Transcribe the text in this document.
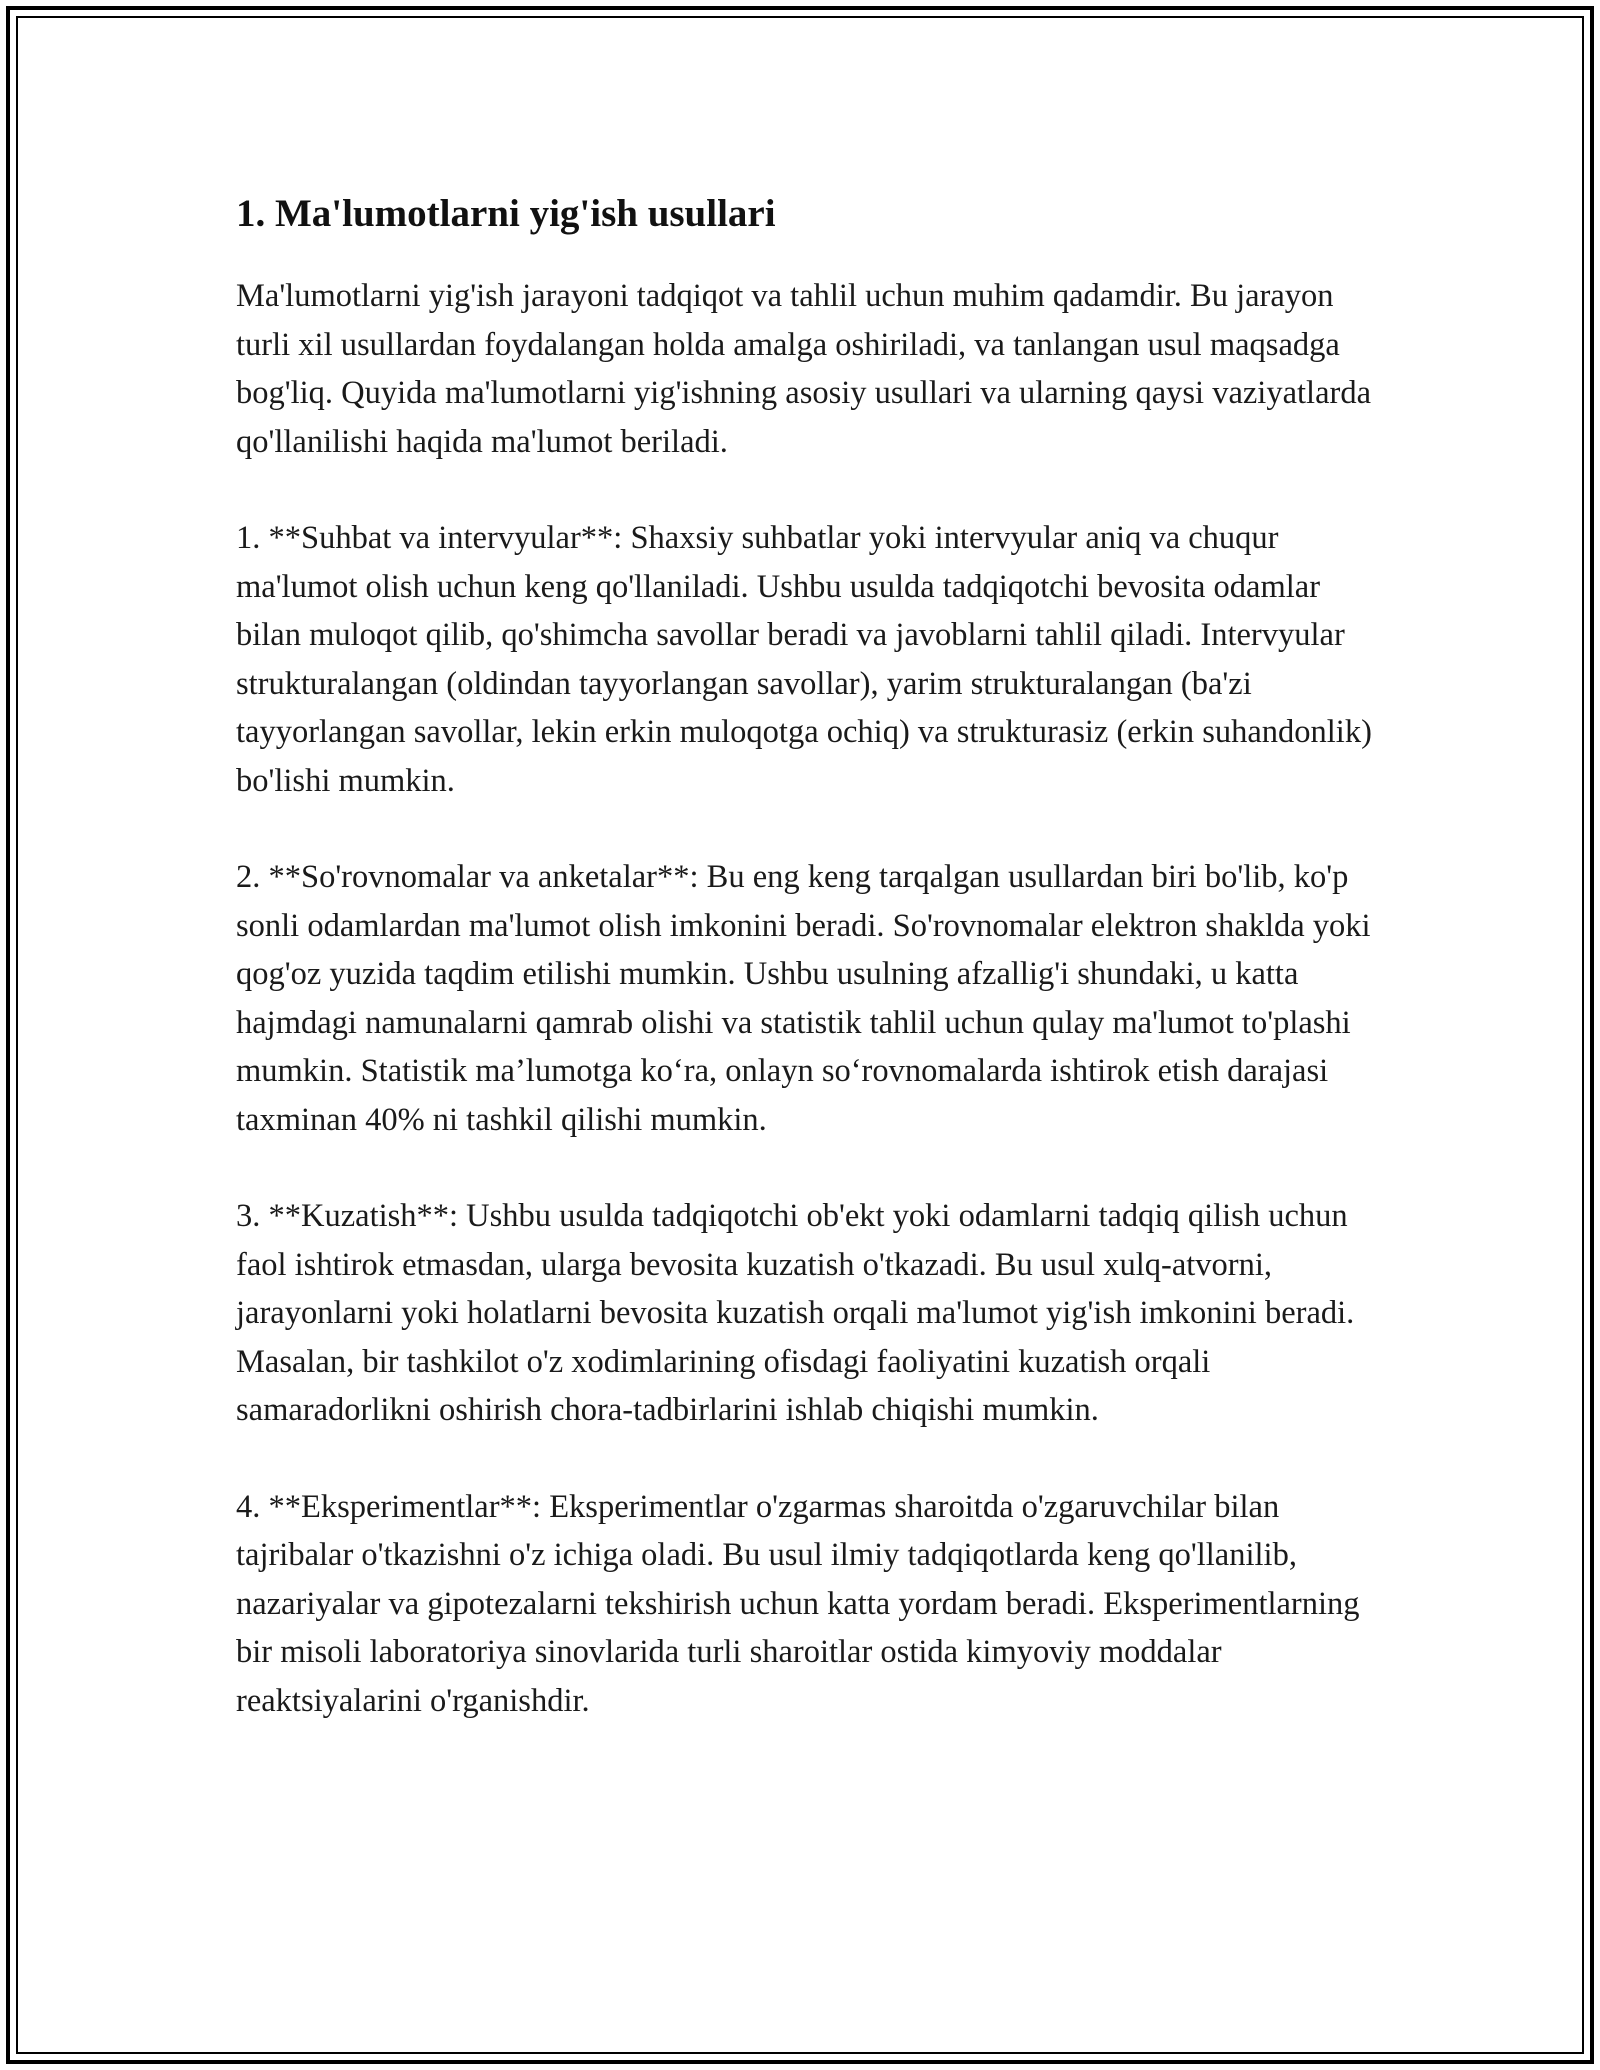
1. Ma'lumotlarni yig'ish usullari

Ma'lumotlarni yig'ish jarayoni tadqiqot va tahlil uchun muhim qadamdir. Bu jarayon turli xil usullardan foydalangan holda amalga oshiriladi, va tanlangan usul maqsadga bog'liq. Quyida ma'lumotlarni yig'ishning asosiy usullari va ularning qaysi vaziyatlarda qo'llanilishi haqida ma'lumot beriladi.

1. **Suhbat va intervyular**: Shaxsiy suhbatlar yoki intervyular aniq va chuqur ma'lumot olish uchun keng qo'llaniladi. Ushbu usulda tadqiqotchi bevosita odamlar bilan muloqot qilib, qo'shimcha savollar beradi va javoblarni tahlil qiladi. Intervyular strukturalangan (oldindan tayyorlangan savollar), yarim strukturalangan (ba'zi tayyorlangan savollar, lekin erkin muloqotga ochiq) va strukturasiz (erkin suhandonlik) bo'lishi mumkin.

2. **So'rovnomalar va anketalar**: Bu eng keng tarqalgan usullardan biri bo'lib, ko'p sonli odamlardan ma'lumot olish imkonini beradi. So'rovnomalar elektron shaklda yoki qog'oz yuzida taqdim etilishi mumkin. Ushbu usulning afzallig'i shundaki, u katta hajmdagi namunalarni qamrab olishi va statistik tahlil uchun qulay ma'lumot to'plashi mumkin. Statistik ma’lumotga ko‘ra, onlayn so‘rovnomalarda ishtirok etish darajasi taxminan 40% ni tashkil qilishi mumkin.

3. **Kuzatish**: Ushbu usulda tadqiqotchi ob'ekt yoki odamlarni tadqiq qilish uchun faol ishtirok etmasdan, ularga bevosita kuzatish o'tkazadi. Bu usul xulq-atvorni, jarayonlarni yoki holatlarni bevosita kuzatish orqali ma'lumot yig'ish imkonini beradi. Masalan, bir tashkilot o'z xodimlarining ofisdagi faoliyatini kuzatish orqali samaradorlikni oshirish chora-tadbirlarini ishlab chiqishi mumkin.

4. **Eksperimentlar**: Eksperimentlar o'zgarmas sharoitda o'zgaruvchilar bilan tajribalar o'tkazishni o'z ichiga oladi. Bu usul ilmiy tadqiqotlarda keng qo'llanilib, nazariyalar va gipotezalarni tekshirish uchun katta yordam beradi. Eksperimentlarning bir misoli laboratoriya sinovlarida turli sharoitlar ostida kimyoviy moddalar reaktsiyalarini o'rganishdir.
